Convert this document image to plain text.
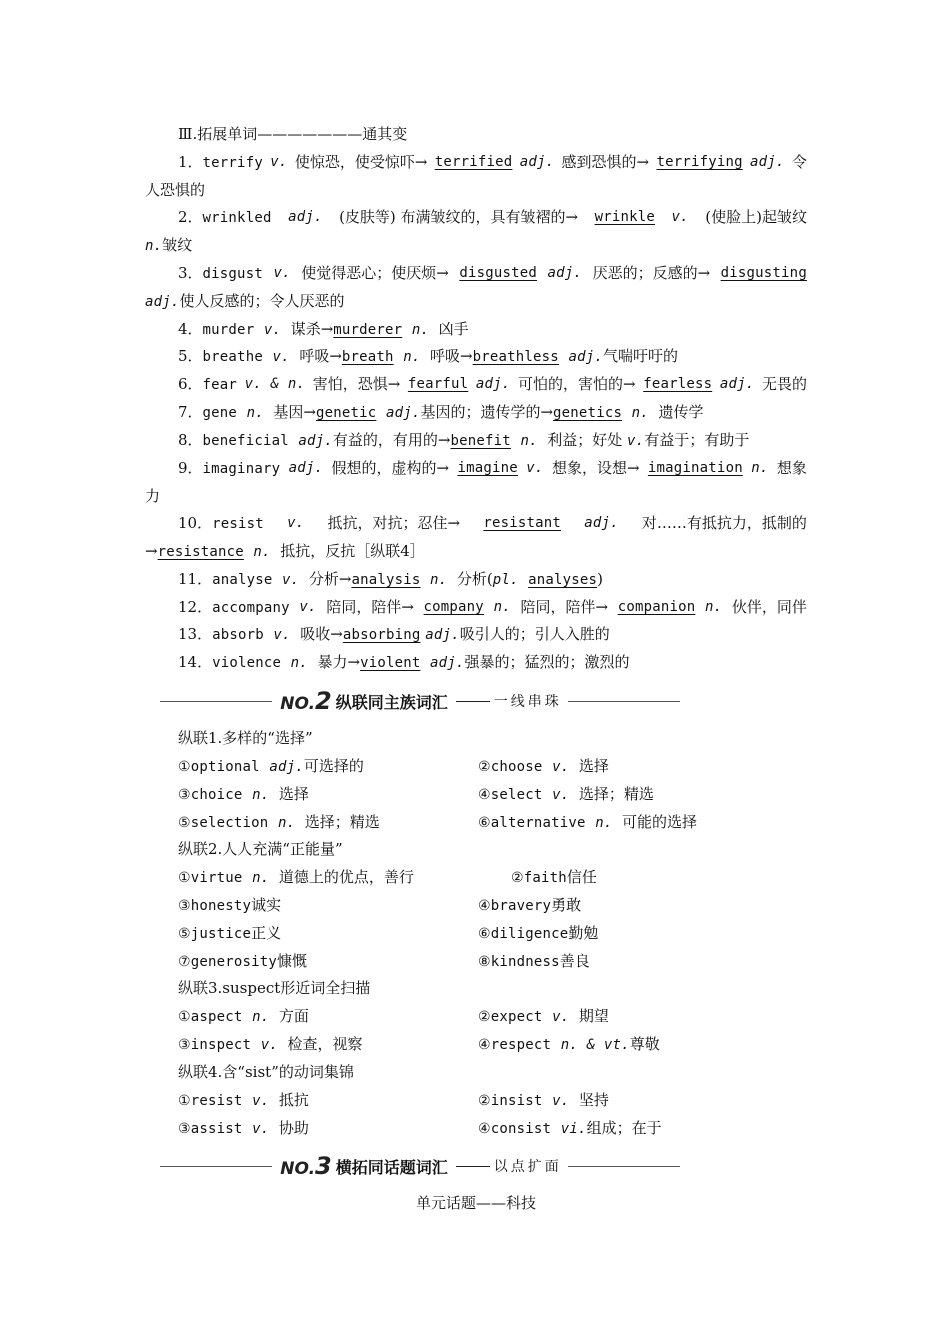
Ⅲ.拓展单词———————通其变
1．terrify v. 使惊恐，使受惊吓→ terrified adj. 感到恐惧的→ terrifying adj. 令
人恐惧的
2．wrinkled adj. (皮肤等) 布满皱纹的，具有皱褶的→ wrinkle v. (使脸上)起皱纹
n.皱纹
3．disgust v. 使觉得恶心；使厌烦→ disgusted adj. 厌恶的；反感的→ disgusting
adj.使人反感的；令人厌恶的
4．murder v. 谋杀→murderer n. 凶手
5．breathe v. 呼吸→breath n. 呼吸→breathless adj.气喘吁吁的
6．fear v. & n. 害怕，恐惧→ fearful adj. 可怕的，害怕的→ fearless adj. 无畏的
7．gene n. 基因→genetic adj.基因的；遗传学的→genetics n. 遗传学
8．beneficial adj.有益的，有用的→benefit n. 利益；好处 v.有益于；有助于
9．imaginary adj. 假想的，虚构的→ imagine v. 想象，设想→ imagination n. 想象
力
10．resist v. 抵抗，对抗；忍住→ resistant adj. 对……有抵抗力，抵制的
→resistance n. 抵抗，反抗［纵联4］
11．analyse v. 分析→analysis n. 分析(pl. analyses)
12．accompany v. 陪同，陪伴→ company n. 陪同，陪伴→ companion n. 伙伴，同伴
13．absorb v. 吸收→absorbing adj.吸引人的；引人入胜的
14．violence n. 暴力→violent adj.强暴的；猛烈的；激烈的
纵联1.多样的“选择”
①optional adj.可选择的	②choose v. 选择
③choice n. 选择	④select v. 选择；精选
⑤selection n. 选择；精选	⑥alternative n. 可能的选择
纵联2.人人充满“正能量”
①virtue n. 道德上的优点，善行	②faith信任
③honesty诚实	④bravery勇敢
⑤justice正义	⑥diligence勤勉
⑦generosity慷慨	⑧kindness善良
纵联3.suspect形近词全扫描
①aspect n. 方面	②expect v. 期望
③inspect v. 检查，视察	④respect n. & vt.尊敬
纵联4.含“sist”的动词集锦
①resist v. 抵抗	②insist v. 坚持
③assist v. 协助	④consist vi.组成；在于
单元话题——科技
NO.2 纵联同主族词汇	一线串珠
NO.3 横拓同话题词汇	以点扩面
